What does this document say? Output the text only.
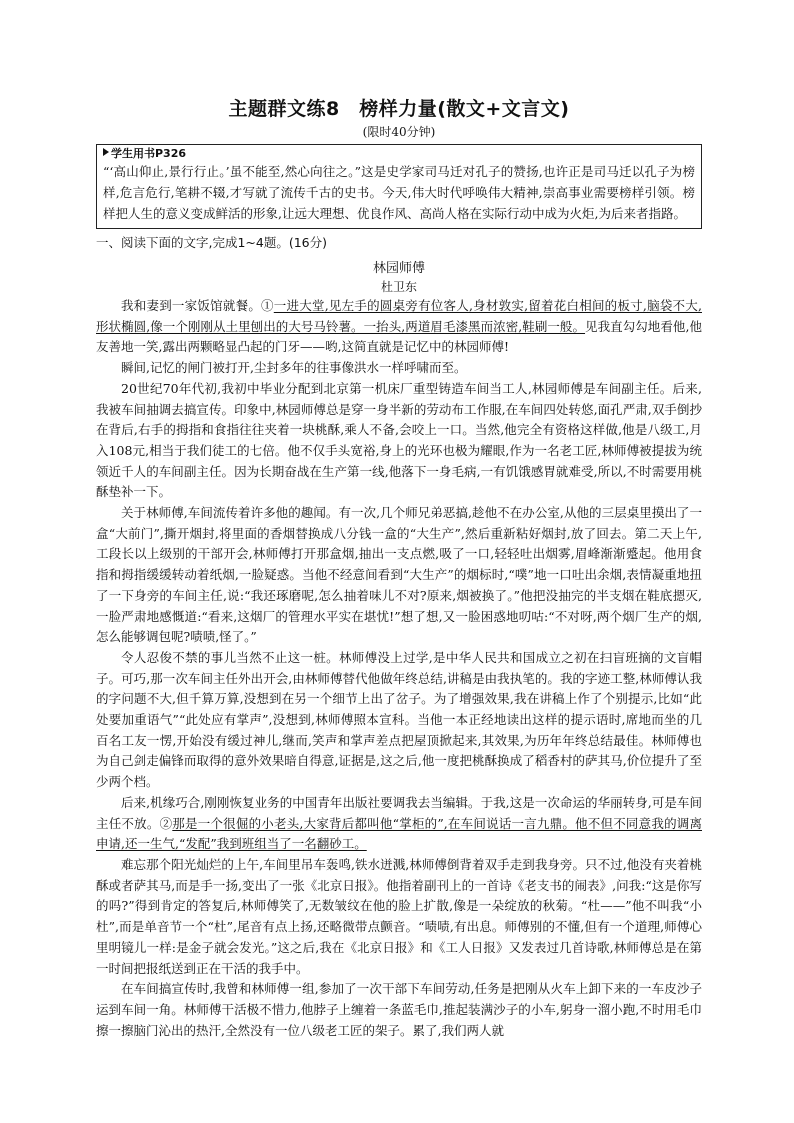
主题群文练8　榜样力量(散文+文言文)
(限时40分钟)
学生用书P326

“‘高山仰止,景行行止。’虽不能至,然心向往之。”这是史学家司马迁对孔子的赞扬,也许正是司马迁以孔子为榜样,危言危行,笔耕不辍,才写就了流传千古的史书。今天,伟大时代呼唤伟大精神,崇高事业需要榜样引领。榜样把人生的意义变成鲜活的形象,让远大理想、优良作风、高尚人格在实际行动中成为火炬,为后来者指路。

一、阅读下面的文字,完成1~4题。(16分)
林园师傅
杜卫东

我和妻到一家饭馆就餐。①一进大堂,见左手的圆桌旁有位客人,身材敦实,留着花白相间的板寸,脑袋不大,形状椭圆,像一个刚刚从土里刨出的大号马铃薯。一抬头,两道眉毛漆黑而浓密,鞋刷一般。见我直勾勾地看他,他友善地一笑,露出两颗略显凸起的门牙——哟,这简直就是记忆中的林园师傅!

瞬间,记忆的闸门被打开,尘封多年的往事像洪水一样呼啸而至。

20世纪70年代初,我初中毕业分配到北京第一机床厂重型铸造车间当工人,林园师傅是车间副主任。后来,我被车间抽调去搞宣传。印象中,林园师傅总是穿一身半新的劳动布工作服,在车间四处转悠,面孔严肃,双手倒抄在背后,右手的拇指和食指往往夹着一块桃酥,乘人不备,会咬上一口。当然,他完全有资格这样做,他是八级工,月入108元,相当于我们徒工的七倍。他不仅手头宽裕,身上的光环也极为耀眼,作为一名老工匠,林师傅被提拔为统领近千人的车间副主任。因为长期奋战在生产第一线,他落下一身毛病,一有饥饿感胃就难受,所以,不时需要用桃酥垫补一下。

关于林师傅,车间流传着许多他的趣闻。有一次,几个师兄弟恶搞,趁他不在办公室,从他的三层桌里摸出了一盒“大前门”,撕开烟封,将里面的香烟替换成八分钱一盒的“大生产”,然后重新粘好烟封,放了回去。第二天上午,工段长以上级别的干部开会,林师傅打开那盒烟,抽出一支点燃,吸了一口,轻轻吐出烟雾,眉峰渐渐蹙起。他用食指和拇指缓缓转动着纸烟,一脸疑惑。当他不经意间看到“大生产”的烟标时,“噗”地一口吐出余烟,表情凝重地扭了一下身旁的车间主任,说:“我还琢磨呢,怎么抽着味儿不对?原来,烟被换了。”他把没抽完的半支烟在鞋底摁灭,一脸严肃地感慨道:“看来,这烟厂的管理水平实在堪忧!”想了想,又一脸困惑地叨咕:“不对呀,两个烟厂生产的烟,怎么能够调包呢?啧啧,怪了。”

令人忍俊不禁的事儿当然不止这一桩。林师傅没上过学,是中华人民共和国成立之初在扫盲班摘的文盲帽子。可巧,那一次车间主任外出开会,由林师傅替代他做年终总结,讲稿是由我执笔的。我的字迹工整,林师傅认我的字问题不大,但千算万算,没想到在另一个细节上出了岔子。为了增强效果,我在讲稿上作了个别提示,比如“此处要加重语气”“此处应有掌声”,没想到,林师傅照本宣科。当他一本正经地读出这样的提示语时,席地而坐的几百名工友一愣,开始没有缓过神儿,继而,笑声和掌声差点把屋顶掀起来,其效果,为历年年终总结最佳。林师傅也为自己剑走偏锋而取得的意外效果暗自得意,证据是,这之后,他一度把桃酥换成了稻香村的萨其马,价位提升了至少两个档。

后来,机缘巧合,刚刚恢复业务的中国青年出版社要调我去当编辑。于我,这是一次命运的华丽转身,可是车间主任不放。②那是一个很倔的小老头,大家背后都叫他“掌柜的”,在车间说话一言九鼎。他不但不同意我的调离申请,还一生气,“发配”我到班组当了一名翻砂工。

难忘那个阳光灿烂的上午,车间里吊车轰鸣,铁水迸溅,林师傅倒背着双手走到我身旁。只不过,他没有夹着桃酥或者萨其马,而是手一扬,变出了一张《北京日报》。他指着副刊上的一首诗《老支书的闹表》,问我:“这是你写的吗?”得到肯定的答复后,林师傅笑了,无数皱纹在他的脸上扩散,像是一朵绽放的秋菊。“杜——”他不叫我“小杜”,而是单音节一个“杜”,尾音有点上扬,还略微带点颤音。“啧啧,有出息。师傅别的不懂,但有一个道理,师傅心里明镜儿一样:是金子就会发光。”这之后,我在《北京日报》和《工人日报》又发表过几首诗歌,林师傅总是在第一时间把报纸送到正在干活的我手中。

在车间搞宣传时,我曾和林师傅一组,参加了一次干部下车间劳动,任务是把刚从火车上卸下来的一车皮沙子运到车间一角。林师傅干活极不惜力,他脖子上缠着一条蓝毛巾,推起装满沙子的小车,躬身一溜小跑,不时用毛巾擦一擦脑门沁出的热汗,全然没有一位八级老工匠的架子。累了,我们两人就
